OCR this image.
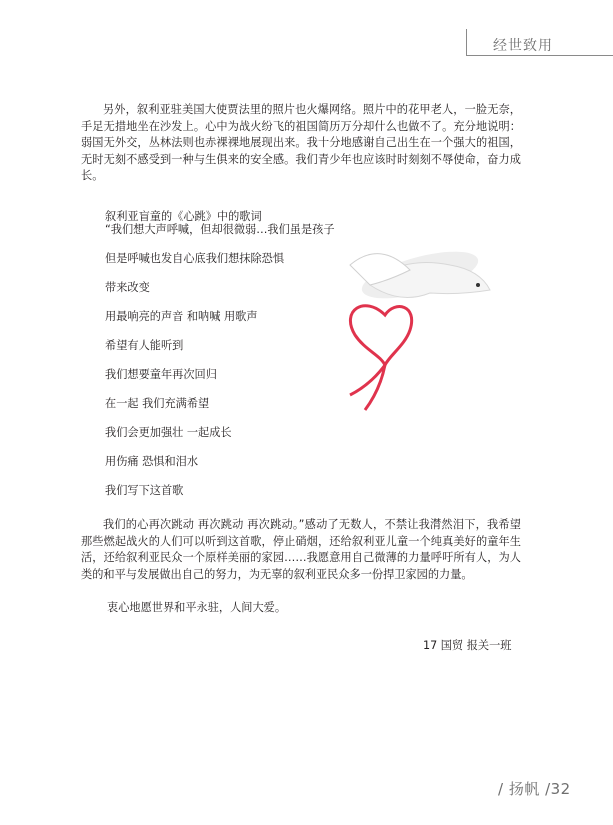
经世致用

另外，叙利亚驻美国大使贾法里的照片也火爆网络。照片中的花甲老人，一脸无奈，手足无措地坐在沙发上。心中为战火纷飞的祖国简历万分却什么也做不了。充分地说明：弱国无外交，丛林法则也赤裸裸地展现出来。我十分地感谢自己出生在一个强大的祖国，无时无刻不感受到一种与生俱来的安全感。我们青少年也应该时时刻刻不辱使命，奋力成长。

叙利亚盲童的《心跳》中的歌词
“我们想大声呼喊，但却很微弱…我们虽是孩子
但是呼喊也发自心底我们想抹除恐惧
带来改变
用最响亮的声音 和呐喊 用歌声
希望有人能听到
我们想要童年再次回归
在一起 我们充满希望
我们会更加强壮 一起成长
用伤痛 恐惧和泪水
我们写下这首歌

我们的心再次跳动 再次跳动 再次跳动。”感动了无数人，不禁让我潸然泪下，我希望那些燃起战火的人们可以听到这首歌，停止硝烟，还给叙利亚儿童一个纯真美好的童年生活，还给叙利亚民众一个原样美丽的家园……我愿意用自己微薄的力量呼吁所有人，为人类的和平与发展做出自己的努力，为无辜的叙利亚民众多一份捍卫家园的力量。

衷心地愿世界和平永驻，人间大爱。
17 国贸 报关一班
/ 扬帆 /32
